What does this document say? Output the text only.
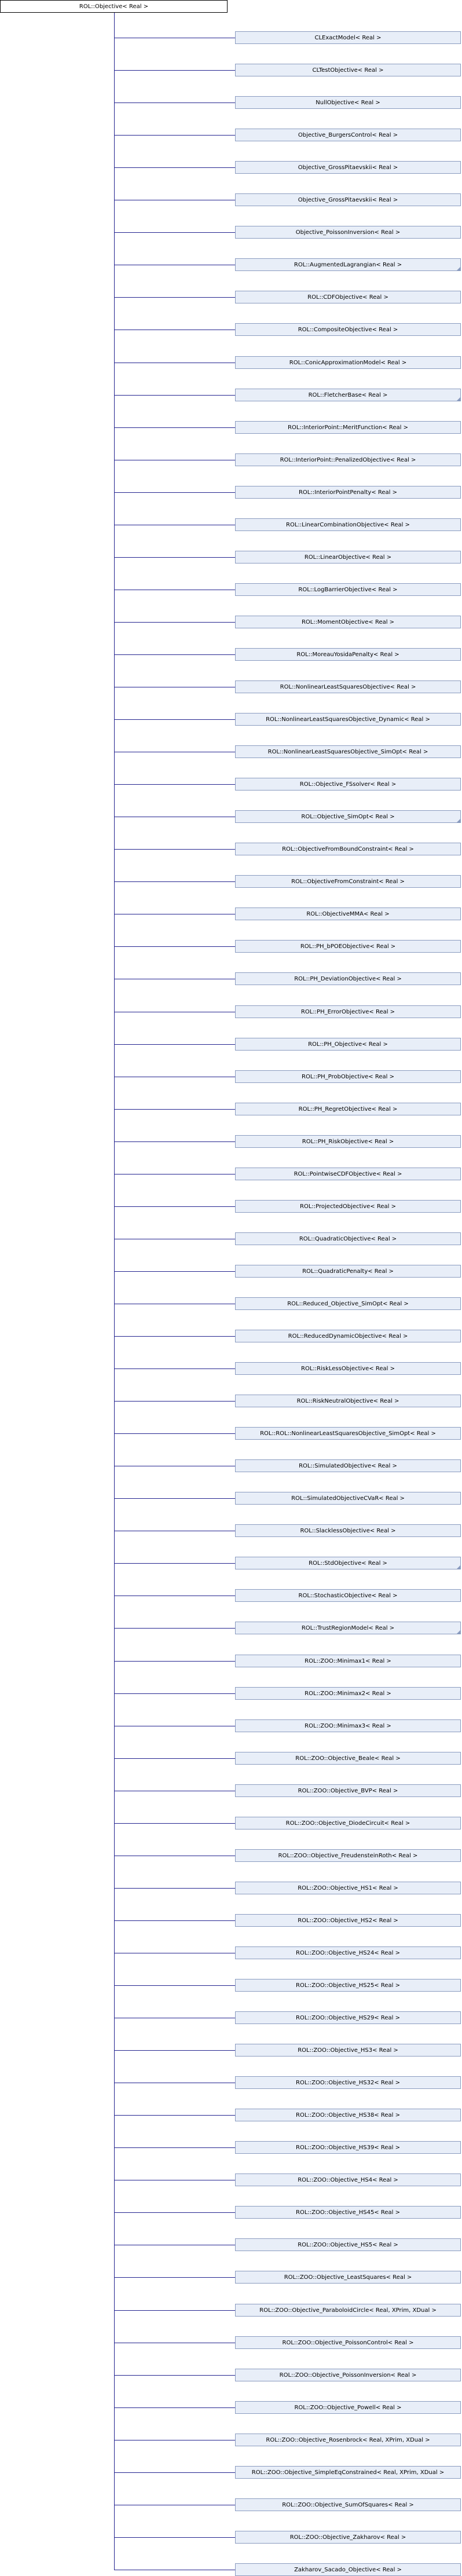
ROL::Objective< Real >
CLExactModel< Real >
CLTestObjective< Real >
NullObjective< Real >
Objective_BurgersControl< Real >
Objective_GrossPitaevskii< Real >
Objective_GrossPitaevskii< Real >
Objective_PoissonInversion< Real >
ROL::AugmentedLagrangian< Real >
ROL::CDFObjective< Real >
ROL::CompositeObjective< Real >
ROL::ConicApproximationModel< Real >
ROL::FletcherBase< Real >
ROL::InteriorPoint::MeritFunction< Real >
ROL::InteriorPoint::PenalizedObjective< Real >
ROL::InteriorPointPenalty< Real >
ROL::LinearCombinationObjective< Real >
ROL::LinearObjective< Real >
ROL::LogBarrierObjective< Real >
ROL::MomentObjective< Real >
ROL::MoreauYosidaPenalty< Real >
ROL::NonlinearLeastSquaresObjective< Real >
ROL::NonlinearLeastSquaresObjective_Dynamic< Real >
ROL::NonlinearLeastSquaresObjective_SimOpt< Real >
ROL::Objective_FSsolver< Real >
ROL::Objective_SimOpt< Real >
ROL::ObjectiveFromBoundConstraint< Real >
ROL::ObjectiveFromConstraint< Real >
ROL::ObjectiveMMA< Real >
ROL::PH_bPOEObjective< Real >
ROL::PH_DeviationObjective< Real >
ROL::PH_ErrorObjective< Real >
ROL::PH_Objective< Real >
ROL::PH_ProbObjective< Real >
ROL::PH_RegretObjective< Real >
ROL::PH_RiskObjective< Real >
ROL::PointwiseCDFObjective< Real >
ROL::ProjectedObjective< Real >
ROL::QuadraticObjective< Real >
ROL::QuadraticPenalty< Real >
ROL::Reduced_Objective_SimOpt< Real >
ROL::ReducedDynamicObjective< Real >
ROL::RiskLessObjective< Real >
ROL::RiskNeutralObjective< Real >
ROL::ROL::NonlinearLeastSquaresObjective_SimOpt< Real >
ROL::SimulatedObjective< Real >
ROL::SimulatedObjectiveCVaR< Real >
ROL::SlacklessObjective< Real >
ROL::StdObjective< Real >
ROL::StochasticObjective< Real >
ROL::TrustRegionModel< Real >
ROL::ZOO::Minimax1< Real >
ROL::ZOO::Minimax2< Real >
ROL::ZOO::Minimax3< Real >
ROL::ZOO::Objective_Beale< Real >
ROL::ZOO::Objective_BVP< Real >
ROL::ZOO::Objective_DiodeCircuit< Real >
ROL::ZOO::Objective_FreudensteinRoth< Real >
ROL::ZOO::Objective_HS1< Real >
ROL::ZOO::Objective_HS2< Real >
ROL::ZOO::Objective_HS24< Real >
ROL::ZOO::Objective_HS25< Real >
ROL::ZOO::Objective_HS29< Real >
ROL::ZOO::Objective_HS3< Real >
ROL::ZOO::Objective_HS32< Real >
ROL::ZOO::Objective_HS38< Real >
ROL::ZOO::Objective_HS39< Real >
ROL::ZOO::Objective_HS4< Real >
ROL::ZOO::Objective_HS45< Real >
ROL::ZOO::Objective_HS5< Real >
ROL::ZOO::Objective_LeastSquares< Real >
ROL::ZOO::Objective_ParaboloidCircle< Real, XPrim, XDual >
ROL::ZOO::Objective_PoissonControl< Real >
ROL::ZOO::Objective_PoissonInversion< Real >
ROL::ZOO::Objective_Powell< Real >
ROL::ZOO::Objective_Rosenbrock< Real, XPrim, XDual >
ROL::ZOO::Objective_SimpleEqConstrained< Real, XPrim, XDual >
ROL::ZOO::Objective_SumOfSquares< Real >
ROL::ZOO::Objective_Zakharov< Real >
Zakharov_Sacado_Objective< Real >
